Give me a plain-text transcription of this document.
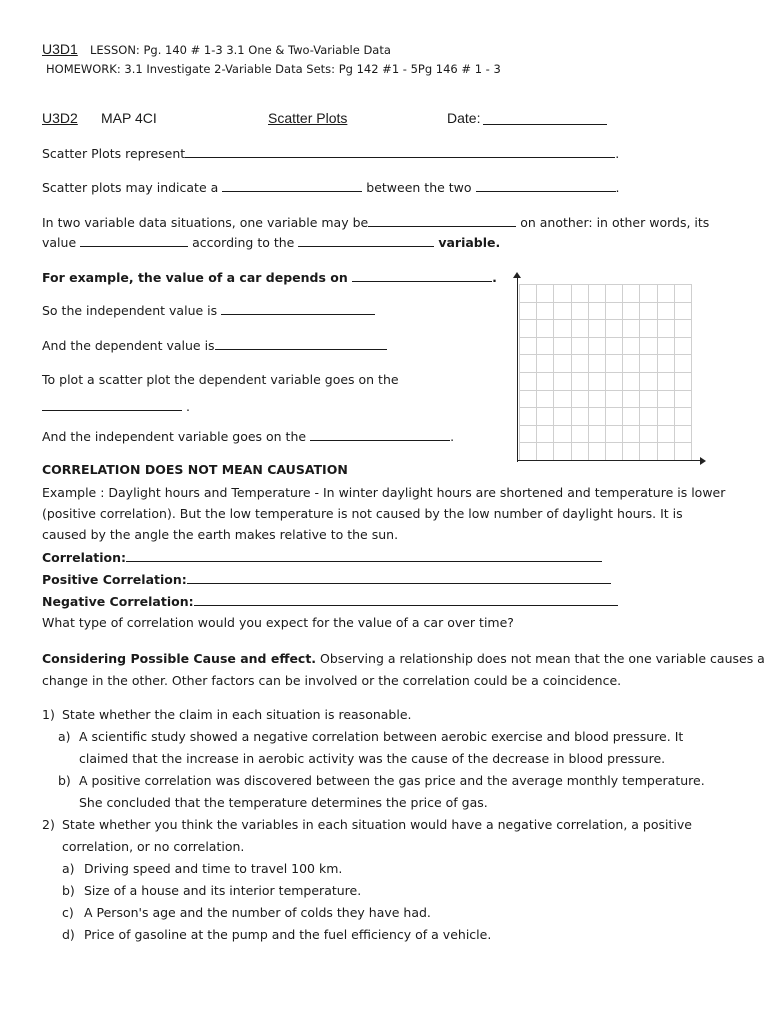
U3D1 LESSON: Pg. 140 # 1-3 3.1 One & Two-Variable Data
HOMEWORK: 3.1 Investigate 2-Variable Data Sets: Pg 142 #1 - 5Pg 146 # 1 - 3
U3D2 MAP 4CI	Scatter Plots	Date:
Scatter Plots represent	.
Scatter plots may indicate a	between the two	.
In two variable data situations, one variable may be	on another: in other words, its
value	according to the	variable.
For example, the value of a car depends on	.
So the independent value is
And the dependent value is
To plot a scatter plot the dependent variable goes on the
.
And the independent variable goes on the	.
CORRELATION DOES NOT MEAN CAUSATION
Example : Daylight hours and Temperature - In winter daylight hours are shortened and temperature is lower
(positive correlation). But the low temperature is not caused by the low number of daylight hours. It is
caused by the angle the earth makes relative to the sun.
Correlation:
Positive Correlation:
Negative Correlation:
What type of correlation would you expect for the value of a car over time?
Considering Possible Cause and effect. Observing a relationship does not mean that the one variable causes a
change in the other. Other factors can be involved or the correlation could be a coincidence.
1) State whether the claim in each situation is reasonable.
a) A scientific study showed a negative correlation between aerobic exercise and blood pressure. It
claimed that the increase in aerobic activity was the cause of the decrease in blood pressure.
b) A positive correlation was discovered between the gas price and the average monthly temperature.
She concluded that the temperature determines the price of gas.
2) State whether you think the variables in each situation would have a negative correlation, a positive
correlation, or no correlation.
a) Driving speed and time to travel 100 km.
b) Size of a house and its interior temperature.
c) A Person's age and the number of colds they have had.
d) Price of gasoline at the pump and the fuel efficiency of a vehicle.
